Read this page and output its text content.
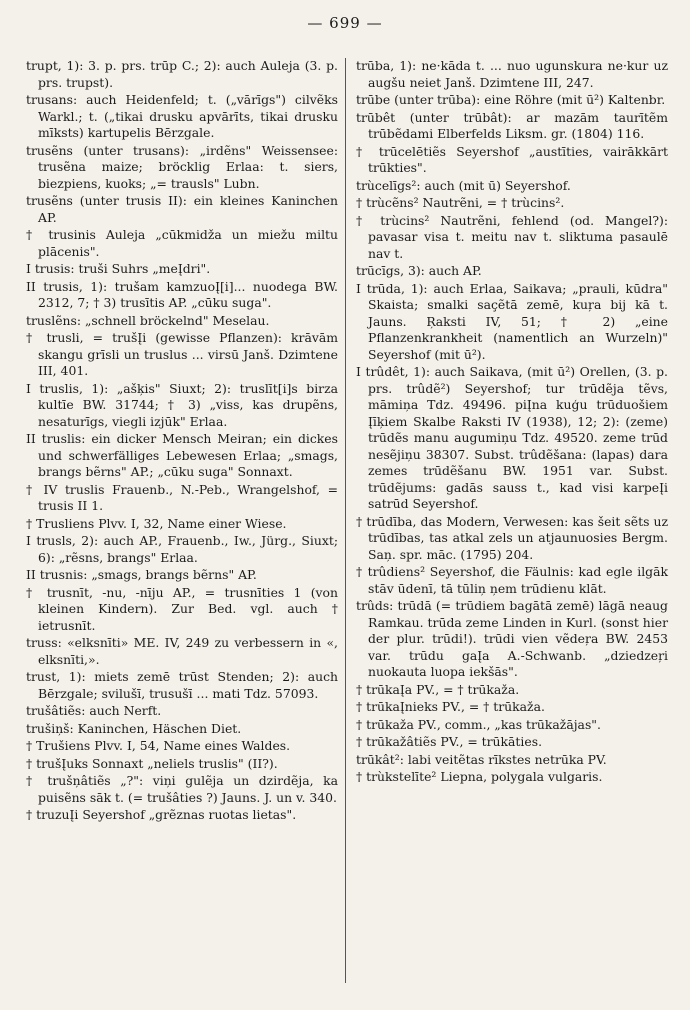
— 699 —

trupt, 1): 3. p. prs. trūp C.; 2): auch Auleja (3. p. prs. trupst).

trusans: auch Heidenfeld; t. („vārīgs") cilvẽks Warkl.; t. („tikai drusku apvārīts, tikai drusku mīksts) kartupelis Bērzgale.

trusẽns (unter trusans): „irdẽns" Weissensee: trusẽna maize; bröcklig Erlaa: t. siers, biezpiens, kuoks; „= trausls" Lubn.

trusẽns (unter trusis II): ein kleines Kaninchen AP.

† trusinis Auleja „cūkmidža un miežu miltu plācenis".

I trusis: truši Suhrs „meĮdri".

II trusis, 1): trušam kamzuoĮ[i]... nuodega BW. 2312, 7; † 3) trusītis AP. „cūku suga".

truslẽns: „schnell bröckelnd" Meselau.

† trusli, = trušĮi (gewisse Pflanzen): krāvām skangu grīsli un truslus ... virsū Janš. Dzimtene III, 401.

I truslis, 1): „ašķis" Siuxt; 2): truslīt[i]s birza kultīe BW. 31744; † 3) „viss, kas drupẽns, nesaturīgs, viegli izjūk" Erlaa.

II truslis: ein dicker Mensch Meiran; ein dickes und schwerfälliges Lebewesen Erlaa; „smags, brangs bẽrns" AP.; „cūku suga" Sonnaxt.

† IV truslis Frauenb., N.-Peb., Wrangelshof, = trusis II 1.

† Trusliens Plvv. I, 32, Name einer Wiese.

I trusls, 2): auch AP., Frauenb., Iw., Jürg., Siuxt; 6): „rẽsns, brangs" Erlaa.

II trusnis: „smags, brangs bẽrns" AP.

† trusnīt, -nu, -nīju AP., = trusnīties 1 (von kleinen Kindern). Zur Bed. vgl. auch † ietrusnīt.

truss: «elksnīti» ME. IV, 249 zu verbessern in «, elksnīti,».

trust, 1): miets zemē trūst Stenden; 2): auch Bērzgale; svilušī, trusušī ... mati Tdz. 57093.

trušâtiẽs: auch Nerft.

trušiņš: Kaninchen, Häschen Diet.

† Trušiens Plvv. I, 54, Name eines Waldes.

† trušĮuks Sonnaxt „neliels truslis" (II?).

† trušņâtiẽs „?": viņi gulẽja un dzirdẽja, ka puisẽns sāk t. (= trušâties ?) Jauns. J. un v. 340.

† truzuĮi Seyershof „grẽznas ruotas lietas".

trūba, 1): ne·kāda t. ... nuo ugunskura ne·kur uz augšu neiet Janš. Dzimtene III, 247.

trūbe (unter trūba): eine Röhre (mit ū²) Kaltenbr.

trūbêt (unter trūbât): ar mazām taurītẽm trūbẽdami Elberfelds Liksm. gr. (1804) 116.

† trūcelētiẽs Seyershof „austīties, vairākkārt trūkties".

trùcelīgs²: auch (mit ū) Seyershof.

† trùcẽns² Nautrẽni, = † trùcins².

† trùcins² Nautrẽni, fehlend (od. Mangel?): pavasar visa t. meitu nav t. sliktuma pasaulē nav t.

trūcīgs, 3): auch AP.

I trūda, 1): auch Erlaa, Saikava; „prauli, kūdra" Skaista; smalki saçẽtā zemē, kuŗa bij kā t. Jauns. Ŗaksti IV, 51; † 2) „eine Pflanzenkrankheit (namentlich an Wurzeln)" Seyershof (mit ū²).

I trûdêt, 1): auch Saikava, (mit ū²) Orellen, (3. p. prs. trûdẽ²) Seyershof; tur trūdẽja tẽvs, māmiņa Tdz. 49496. piĮna kuģu trūduošiem Įīķiem Skalbe Raksti IV (1938), 12; 2): (zeme) trūdẽs manu augumiņu Tdz. 49520. zeme trūd nesẽjiņu 38307. Subst. trûdẽšana: (lapas) dara zemes trūdẽšanu BW. 1951 var. Subst. trūdẽjums: gadās sauss t., kad visi karpeĮi satrūd Seyershof.

† trūdība, das Modern, Verwesen: kas šeit sẽts uz trūdības, tas atkal zels un atjaunuosies Bergm. Saņ. spr. māc. (1795) 204.

† trûdiens² Seyershof, die Fäulnis: kad egle ilgāk stāv ūdenī, tā tūliņ ņem trūdienu klāt.

trûds: trūdā (= trūdiem bagātā zemē) lāgā neaug Ramkau. trūda zeme Linden in Kurl. (sonst hier der plur. trūdi!). trūdi vien vẽdeŗa BW. 2453 var. trūdu gaĮa A.-Schwanb. „dziedzeŗi nuokauta luopa iekšās".

† trūkaĮa PV., = † trūkaža.

† trūkaĮnieks PV., = † trūkaža.

† trūkaža PV., comm., „kas trūkažājas".

† trūkažâtiẽs PV., = trūkāties.

trūkât²: labi veitẽtas rīkstes netrūka PV.

† trùkstelīte² Liepna, polygala vulgaris.
